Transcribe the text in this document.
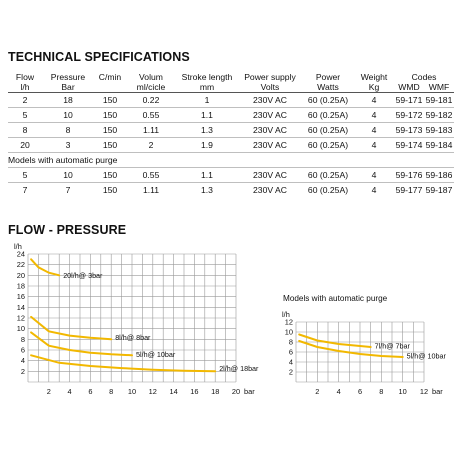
TECHNICAL SPECIFICATIONS
Flow	Pressure	C/min	Volum	Stroke length	Power supply	Power	Weight	Codes	
l/h	Bar		ml/cicle	mm	Volts	Watts	Kg	WMD	WMF
2	18	150	0.22	1	230V AC	60 (0.25A)	4	59-171	59-181
5	10	150	0.55	1.1	230V AC	60 (0.25A)	4	59-172	59-182
8	8	150	1.11	1.3	230V AC	60 (0.25A)	4	59-173	59-183
20	3	150	2	1.9	230V AC	60 (0.25A)	4	59-174	59-184
Models with automatic purge									
5	10	150	0.55	1.1	230V AC	60 (0.25A)	4	59-176	59-186
7	7	150	1.11	1.3	230V AC	60 (0.25A)	4	59-177	59-187
FLOW - PRESSURE

Models with automatic purge

2
4
6
8
10
12
14
16
18
20
22
24
2 4 6 8 10 12 14 16 18 20
l/h
bar
20l/h@ 3bar
8l/h@ 8bar
5l/h@ 10bar
2l/h@ 18bar	2
4
6
8
10
12
2 4 6 8 10 12
l/h
bar
7l/h@ 7bar
5l/h@ 10bar
